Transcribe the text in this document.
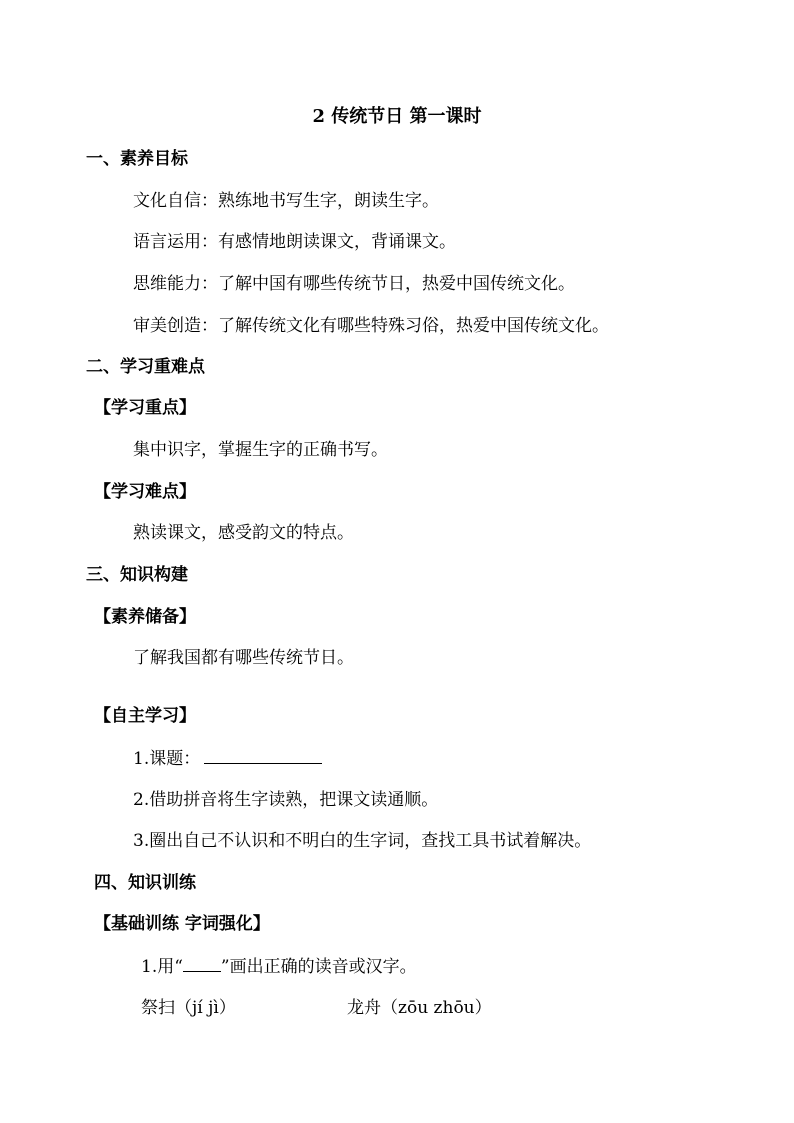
2 传统节日 第一课时
一、素养目标
文化自信：熟练地书写生字，朗读生字。
语言运用：有感情地朗读课文，背诵课文。
思维能力：了解中国有哪些传统节日，热爱中国传统文化。
审美创造：了解传统文化有哪些特殊习俗，热爱中国传统文化。
二、学习重难点
【学习重点】
集中识字，掌握生字的正确书写。
【学习难点】
熟读课文，感受韵文的特点。
三、知识构建
【素养储备】
了解我国都有哪些传统节日。
【自主学习】
1.课题：
2.借助拼音将生字读熟，把课文读通顺。
3.圈出自己不认识和不明白的生字词，查找工具书试着解决。
四、知识训练
【基础训练 字词强化】
1.用“ ”画出正确的读音或汉字。
祭扫（jí jì）	龙舟（zōu zhōu）
